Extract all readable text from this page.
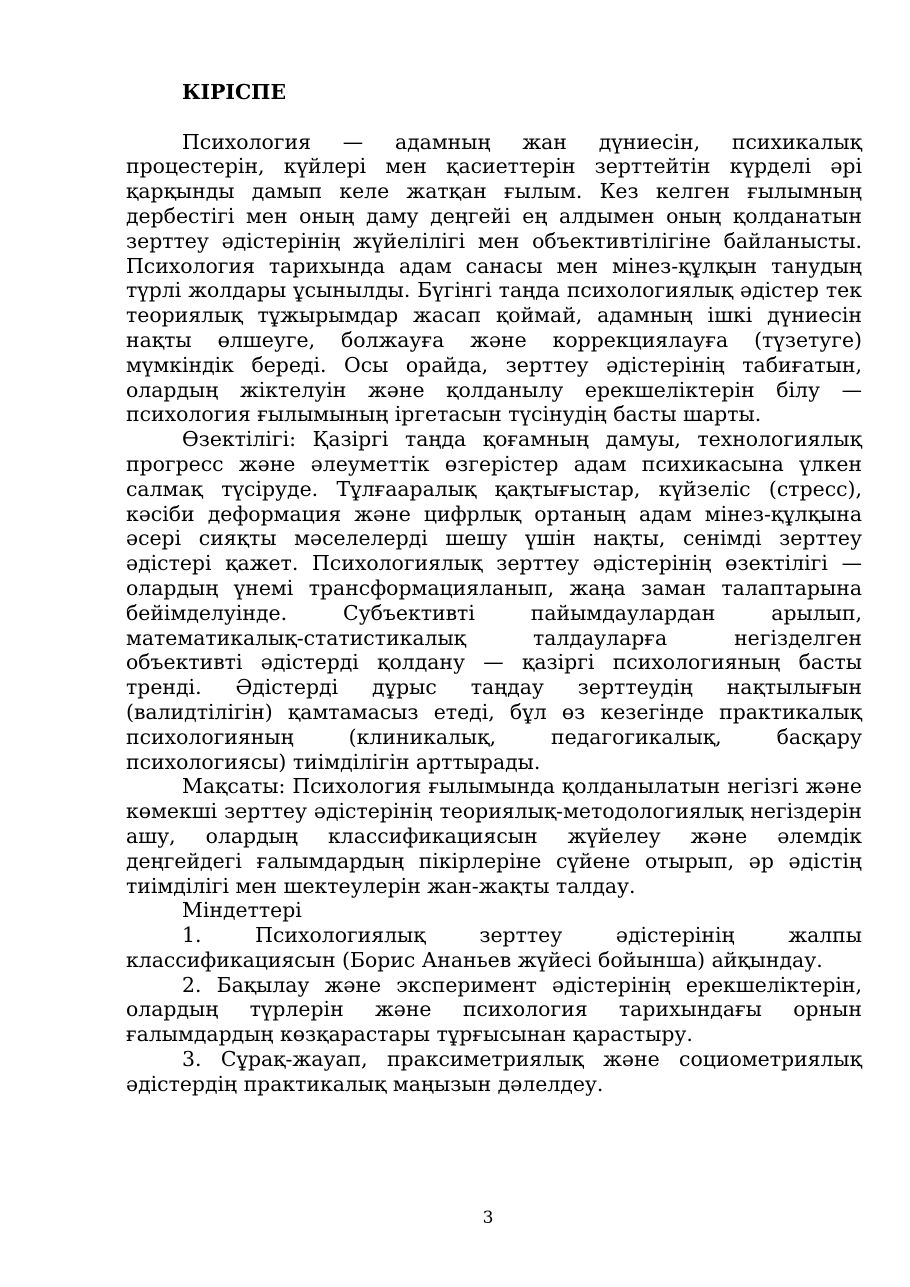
КІРІСПЕ

Психология — адамның жан дүниесін, психикалық процестерін, күйлері мен қасиеттерін зерттейтін күрделі әрі қарқынды дамып келе жатқан ғылым. Кез келген ғылымның дербестігі мен оның даму деңгейі ең алдымен оның қолданатын зерттеу әдістерінің жүйелілігі мен объективтілігіне байланысты. Психология тарихында адам санасы мен мінез-құлқын танудың түрлі жолдары ұсынылды. Бүгінгі таңда психологиялық әдістер тек теориялық тұжырымдар жасап қоймай, адамның ішкі дүниесін нақты өлшеуге, болжауға және коррекциялауға (түзетуге) мүмкіндік береді. Осы орайда, зерттеу әдістерінің табиғатын, олардың жіктелуін және қолданылу ерекшеліктерін білу — психология ғылымының іргетасын түсінудің басты шарты.

Өзектілігі: Қазіргі таңда қоғамның дамуы, технологиялық прогресс және әлеуметтік өзгерістер адам психикасына үлкен салмақ түсіруде. Тұлғааралық қақтығыстар, күйзеліс (стресс), кәсіби деформация және цифрлық ортаның адам мінез-құлқына әсері сияқты мәселелерді шешу үшін нақты, сенімді зерттеу әдістері қажет. Психологиялық зерттеу әдістерінің өзектілігі — олардың үнемі трансформацияланып, жаңа заман талаптарына бейімделуінде. Субъективті пайымдаулардан арылып, математикалық-статистикалық талдауларға негізделген объективті әдістерді қолдану — қазіргі психологияның басты тренді. Әдістерді дұрыс таңдау зерттеудің нақтылығын (валидтілігін) қамтамасыз етеді, бұл өз кезегінде практикалық психологияның (клиникалық, педагогикалық, басқару психологиясы) тиімділігін арттырады.

Мақсаты: Психология ғылымында қолданылатын негізгі және көмекші зерттеу әдістерінің теориялық-методологиялық негіздерін ашу, олардың классификациясын жүйелеу және әлемдік деңгейдегі ғалымдардың пікірлеріне сүйене отырып, әр әдістің тиімділігі мен шектеулерін жан-жақты талдау.

Міндеттері

1. Психологиялық зерттеу әдістерінің жалпы классификациясын (Борис Ананьев жүйесі бойынша) айқындау.

2. Бақылау және эксперимент әдістерінің ерекшеліктерін, олардың түрлерін және психология тарихындағы орнын ғалымдардың көзқарастары тұрғысынан қарастыру.

3. Сұрақ-жауап, праксиметриялық және социометриялық әдістердің практикалық маңызын дәлелдеу.

3
